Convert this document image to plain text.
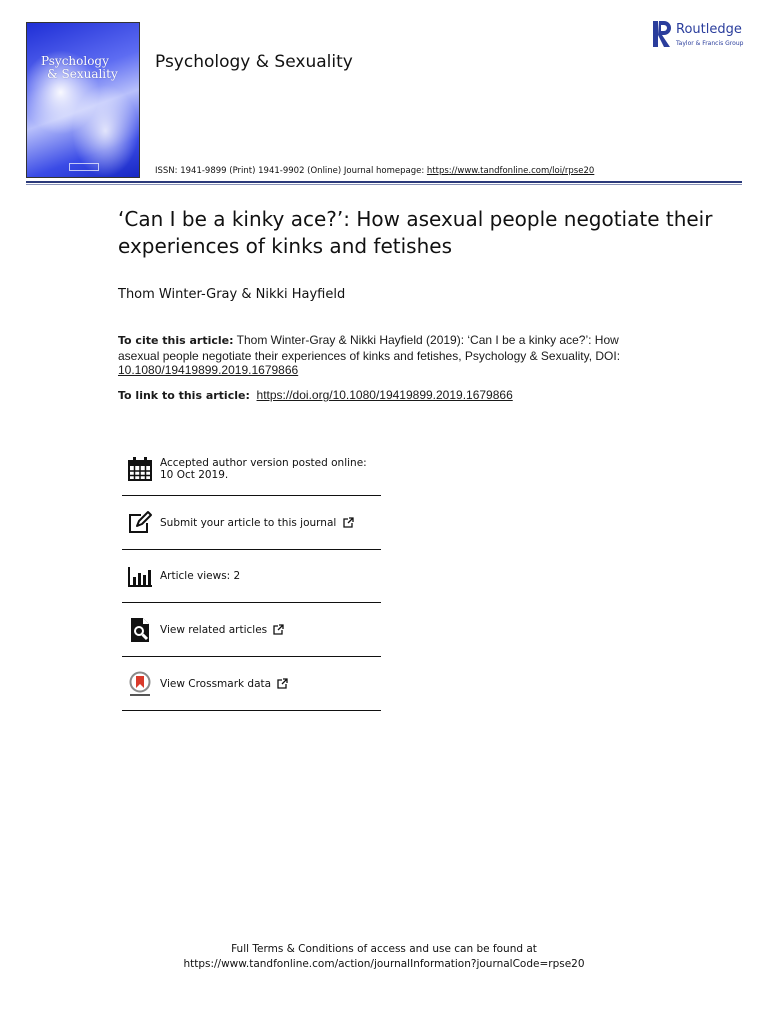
Psychology
& Sexuality
Psychology & Sexuality
ISSN: 1941-9899 (Print) 1941-9902 (Online) Journal homepage: https://www.tandfonline.com/loi/rpse20
Routledge
Taylor & Francis Group
‘Can I be a kinky ace?’: How asexual people negotiate their experiences of kinks and fetishes
Thom Winter-Gray & Nikki Hayfield
To cite this article: Thom Winter-Gray & Nikki Hayfield (2019): ‘Can I be a kinky ace?’: How asexual people negotiate their experiences of kinks and fetishes, Psychology & Sexuality, DOI: 10.1080/19419899.2019.1679866
To link to this article: https://doi.org/10.1080/19419899.2019.1679866
Accepted author version posted online: 10 Oct 2019.
Submit your article to this journal
Article views: 2
View related articles
View Crossmark data
Full Terms & Conditions of access and use can be found at
https://www.tandfonline.com/action/journalInformation?journalCode=rpse20
